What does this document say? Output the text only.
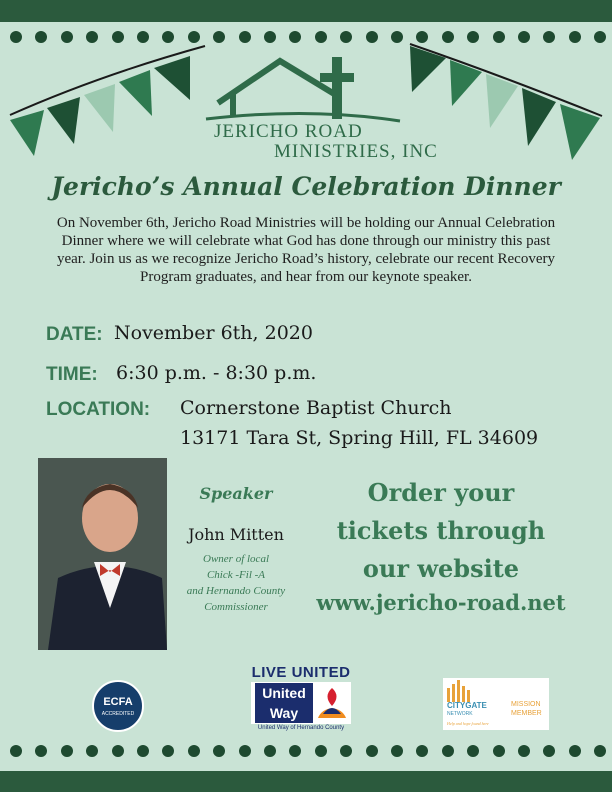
JERICHO ROAD
MINISTRIES, INC
Jericho’s Annual Celebration Dinner
On November 6th, Jericho Road Ministries will be holding our Annual Celebration Dinner where we will celebrate what God has done through our ministry this past year. Join us as we recognize Jericho Road’s history, celebrate our recent Recovery Program graduates, and hear from our keynote speaker.
DATE: November 6th, 2020
TIME: 6:30 p.m. - 8:30 p.m.
LOCATION: Cornerstone Baptist Church
13171 Tara St, Spring Hill, FL 34609
Speaker
John Mitten
Owner of local
Chick -Fil -A
and Hernando County
Commissioner
Order your
tickets through
our website
www.jericho-road.net
ECFA
ACCREDITED
LIVE UNITED
United
Way
United Way of Hernando County
CITYGATE
NETWORK
MISSION
MEMBER
Help and hope found here
